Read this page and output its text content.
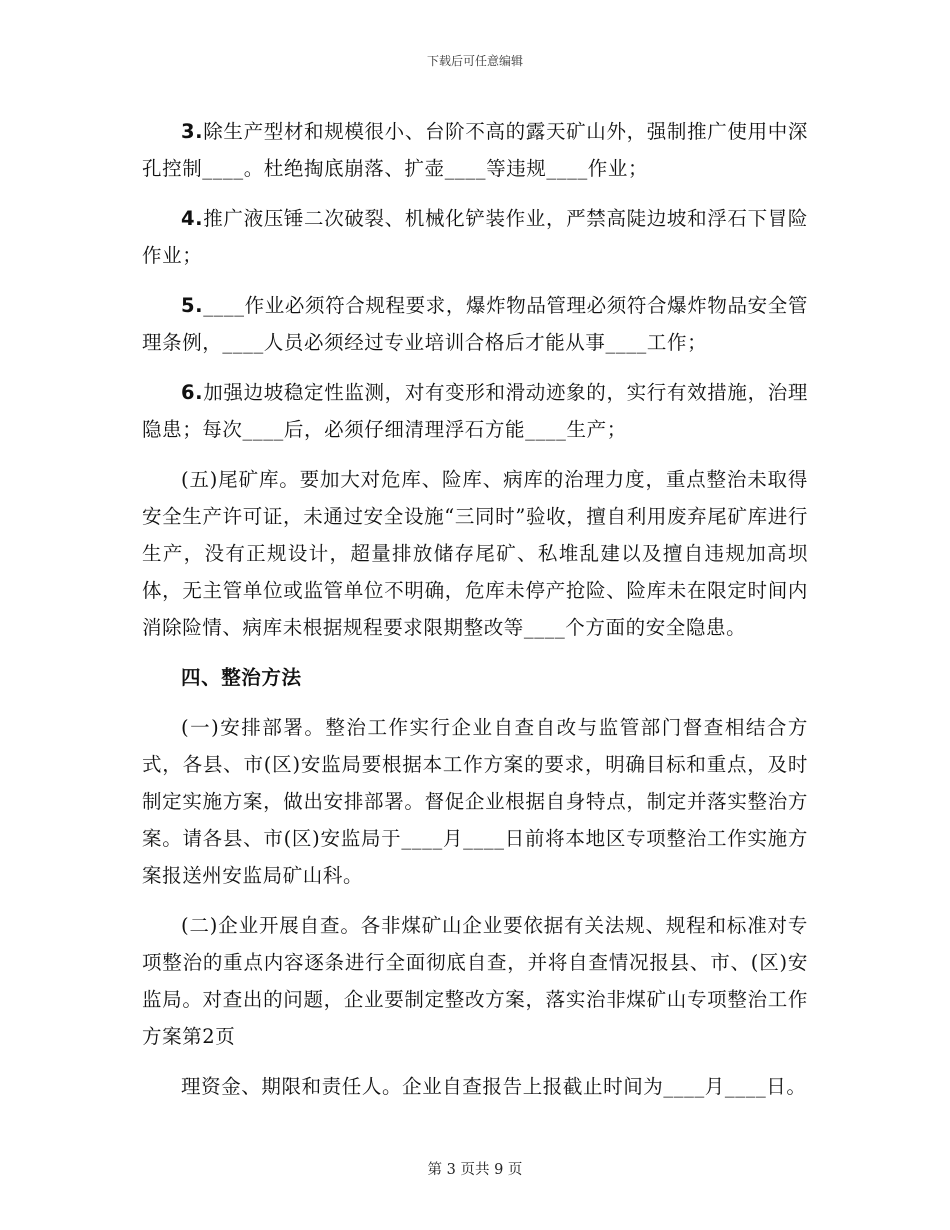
下载后可任意编辑

3.除生产型材和规模很小、台阶不高的露天矿山外，强制推广使用中深孔控制____。杜绝掏底崩落、扩壶____等违规____作业；

4.推广液压锤二次破裂、机械化铲装作业，严禁高陡边坡和浮石下冒险作业；

5.____作业必须符合规程要求，爆炸物品管理必须符合爆炸物品安全管理条例，____人员必须经过专业培训合格后才能从事____工作；

6.加强边坡稳定性监测，对有变形和滑动迹象的，实行有效措施，治理隐患；每次____后，必须仔细清理浮石方能____生产；

(五)尾矿库。要加大对危库、险库、病库的治理力度，重点整治未取得安全生产许可证，未通过安全设施“三同时”验收，擅自利用废弃尾矿库进行生产，没有正规设计，超量排放储存尾矿、私堆乱建以及擅自违规加高坝体，无主管单位或监管单位不明确，危库未停产抢险、险库未在限定时间内消除险情、病库未根据规程要求限期整改等____个方面的安全隐患。

四、整治方法

(一)安排部署。整治工作实行企业自查自改与监管部门督查相结合方式，各县、市(区)安监局要根据本工作方案的要求，明确目标和重点，及时制定实施方案，做出安排部署。督促企业根据自身特点，制定并落实整治方案。请各县、市(区)安监局于____月____日前将本地区专项整治工作实施方案报送州安监局矿山科。

(二)企业开展自查。各非煤矿山企业要依据有关法规、规程和标准对专项整治的重点内容逐条进行全面彻底自查，并将自查情况报县、市、(区)安监局。对查出的问题，企业要制定整改方案，落实治非煤矿山专项整治工作方案第2页

理资金、期限和责任人。企业自查报告上报截止时间为____月____日。

第 3 页共 9 页
